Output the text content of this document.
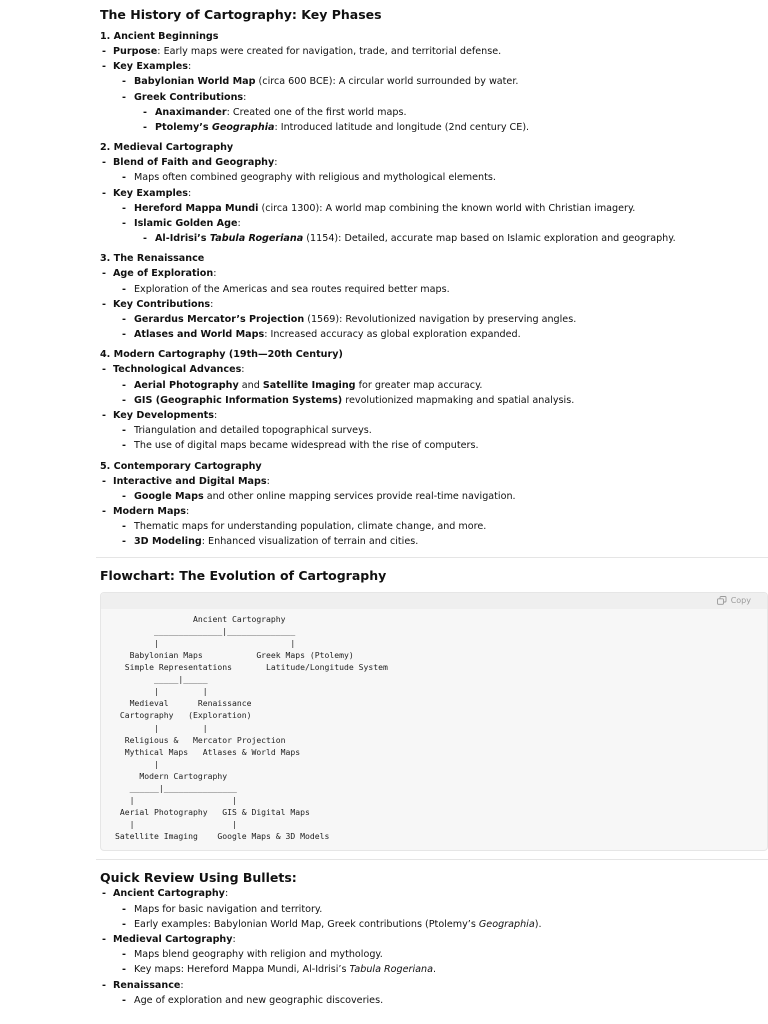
The History of Cartography: Key Phases
1. Ancient Beginnings
- Purpose: Early maps were created for navigation, trade, and territorial defense.
- Key Examples:
- Babylonian World Map (circa 600 BCE): A circular world surrounded by water.
- Greek Contributions:
- Anaximander: Created one of the first world maps.
- Ptolemy’s Geographia: Introduced latitude and longitude (2nd century CE).
2. Medieval Cartography
- Blend of Faith and Geography:
- Maps often combined geography with religious and mythological elements.
- Key Examples:
- Hereford Mappa Mundi (circa 1300): A world map combining the known world with Christian imagery.
- Islamic Golden Age:
- Al-Idrisi’s Tabula Rogeriana (1154): Detailed, accurate map based on Islamic exploration and geography.
3. The Renaissance
- Age of Exploration:
- Exploration of the Americas and sea routes required better maps.
- Key Contributions:
- Gerardus Mercator’s Projection (1569): Revolutionized navigation by preserving angles.
- Atlases and World Maps: Increased accuracy as global exploration expanded.
4. Modern Cartography (19th—20th Century)
- Technological Advances:
- Aerial Photography and Satellite Imaging for greater map accuracy.
- GIS (Geographic Information Systems) revolutionized mapmaking and spatial analysis.
- Key Developments:
- Triangulation and detailed topographical surveys.
- The use of digital maps became widespread with the rise of computers.
5. Contemporary Cartography
- Interactive and Digital Maps:
- Google Maps and other online mapping services provide real-time navigation.
- Modern Maps:
- Thematic maps for understanding population, climate change, and more.
- 3D Modeling: Enhanced visualization of terrain and cities.
Flowchart: The Evolution of Cartography
Copy
Ancient Cartography
______________|______________
|                           |
Babylonian Maps           Greek Maps (Ptolemy)
Simple Representations       Latitude/Longitude System
_____|_____
|         |
Medieval      Renaissance
Cartography   (Exploration)
|         |
Religious &   Mercator Projection
Mythical Maps   Atlases & World Maps
|
Modern Cartography
______|_______________
|                    |
Aerial Photography   GIS & Digital Maps
|                    |
Satellite Imaging    Google Maps & 3D Models
Quick Review Using Bullets:
- Ancient Cartography:
- Maps for basic navigation and territory.
- Early examples: Babylonian World Map, Greek contributions (Ptolemy’s Geographia).
- Medieval Cartography:
- Maps blend geography with religion and mythology.
- Key maps: Hereford Mappa Mundi, Al-Idrisi’s Tabula Rogeriana.
- Renaissance:
- Age of exploration and new geographic discoveries.
